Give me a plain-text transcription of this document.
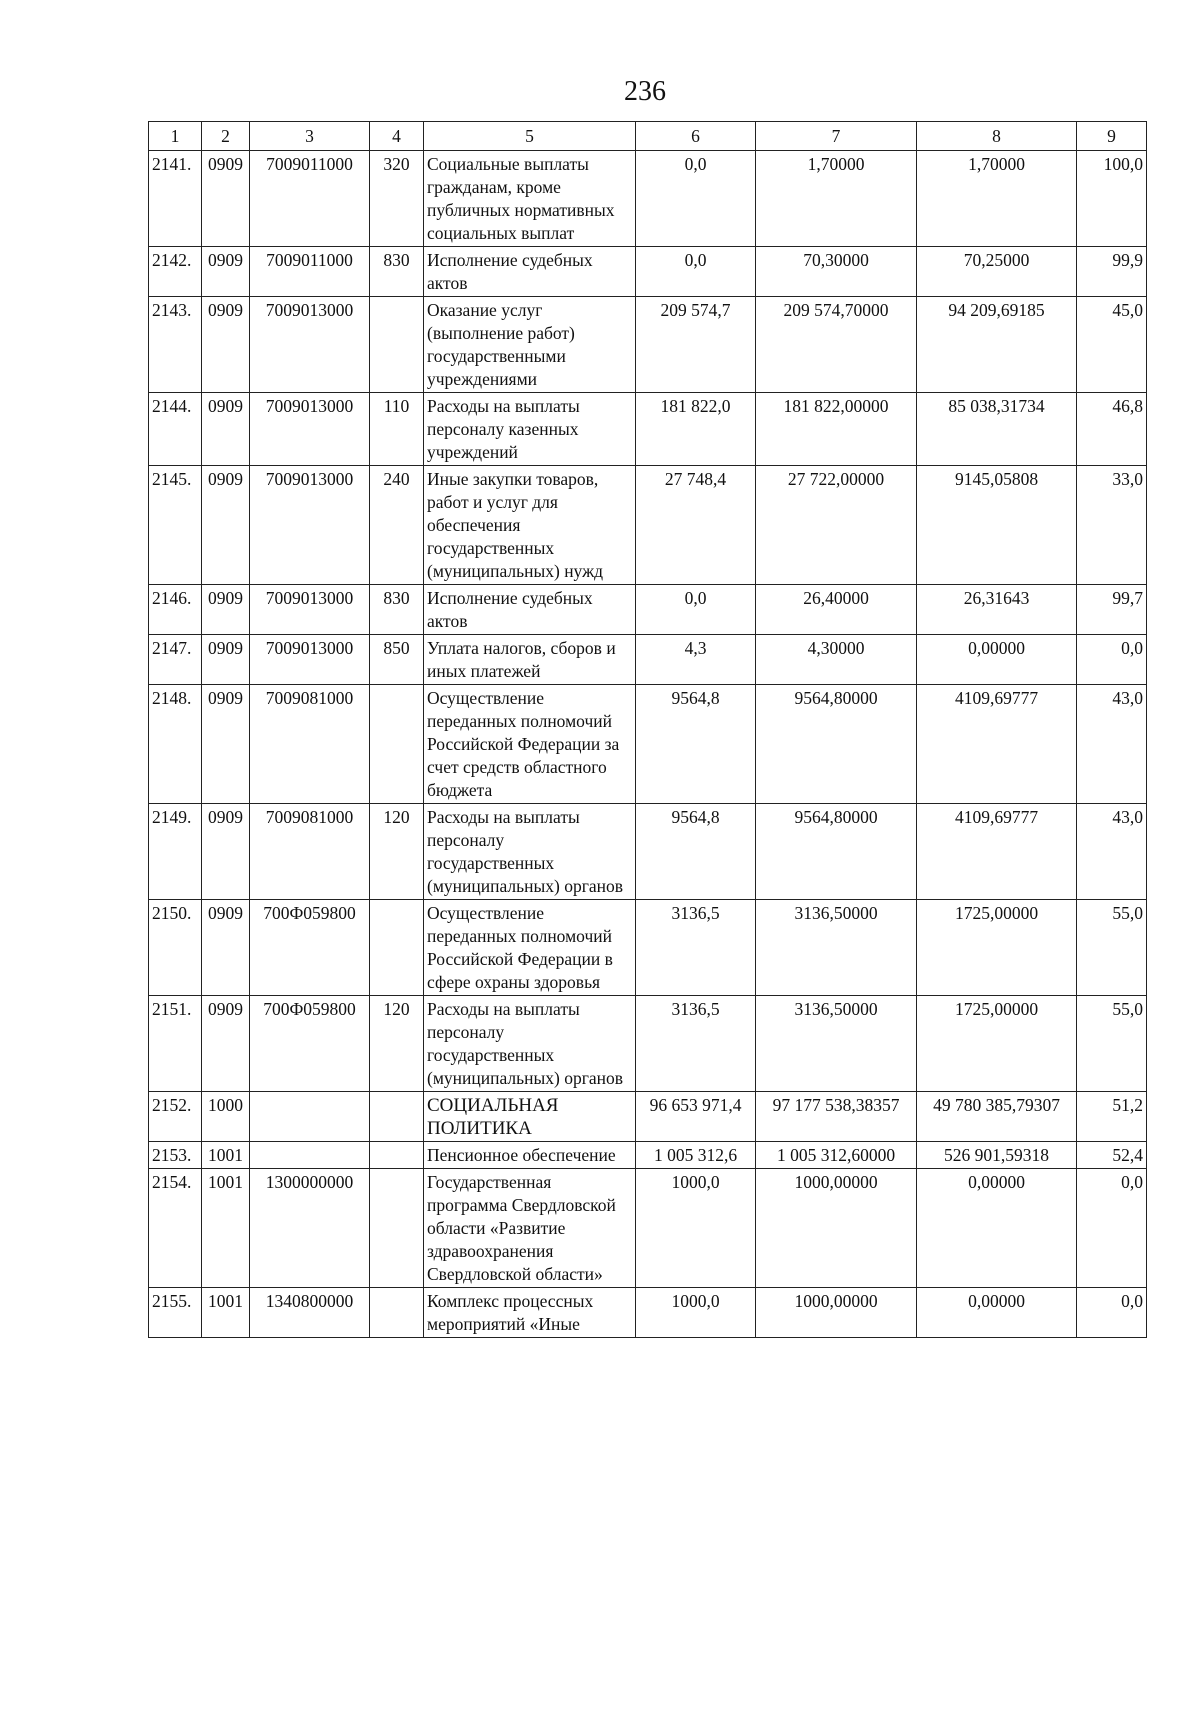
236
1	2	3	4	5	6	7	8	9
2141.	0909	7009011000	320	Социальные выплаты гражданам, кроме публичных нормативных социальных выплат	0,0	1,70000	1,70000	100,0
2142.	0909	7009011000	830	Исполнение судебных актов	0,0	70,30000	70,25000	99,9
2143.	0909	7009013000		Оказание услуг (выполнение работ) государственными учреждениями	209 574,7	209 574,70000	94 209,69185	45,0
2144.	0909	7009013000	110	Расходы на выплаты персоналу казенных учреждений	181 822,0	181 822,00000	85 038,31734	46,8
2145.	0909	7009013000	240	Иные закупки товаров, работ и услуг для обеспечения государственных (муниципальных) нужд	27 748,4	27 722,00000	9145,05808	33,0
2146.	0909	7009013000	830	Исполнение судебных актов	0,0	26,40000	26,31643	99,7
2147.	0909	7009013000	850	Уплата налогов, сборов и иных платежей	4,3	4,30000	0,00000	0,0
2148.	0909	7009081000		Осуществление переданных полномочий Российской Федерации за счет средств областного бюджета	9564,8	9564,80000	4109,69777	43,0
2149.	0909	7009081000	120	Расходы на выплаты персоналу государственных (муниципальных) органов	9564,8	9564,80000	4109,69777	43,0
2150.	0909	700Ф059800		Осуществление переданных полномочий Российской Федерации в сфере охраны здоровья	3136,5	3136,50000	1725,00000	55,0
2151.	0909	700Ф059800	120	Расходы на выплаты персоналу государственных (муниципальных) органов	3136,5	3136,50000	1725,00000	55,0
2152.	1000			СОЦИАЛЬНАЯ ПОЛИТИКА	96 653 971,4	97 177 538,38357	49 780 385,79307	51,2
2153.	1001			Пенсионное обеспечение	1 005 312,6	1 005 312,60000	526 901,59318	52,4
2154.	1001	1300000000		Государственная программа Свердловской области «Развитие здравоохранения Свердловской области»	1000,0	1000,00000	0,00000	0,0
2155.	1001	1340800000		Комплекс процессных мероприятий «Иные	1000,0	1000,00000	0,00000	0,0
